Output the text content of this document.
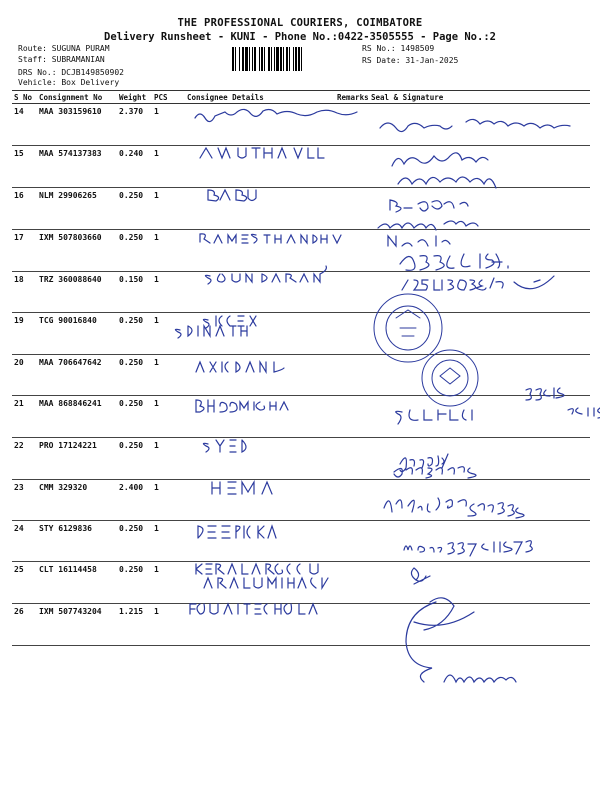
THE PROFESSIONAL COURIERS, COIMBATORE
Delivery Runsheet - KUNI - Phone No.:0422-3505555 - Page No.:2
Route: SUGUNA PURAM
Staff: SUBRAMANIAN
DRS No.: DCJB149850902
Vehicle: Box Delivery
RS No.: 1498509
RS Date: 31-Jan-2025
S No	Consignment No	Weight	PCS	Consignee Details	Remarks	Seal & Signature
14	MAA 303159610	2.370	1			
15	MAA 574137383	0.240	1			
16	NLM 29906265	0.250	1			
17	IXM 507803660	0.250	1			
18	TRZ 360088640	0.150	1			
19	TCG 90016840	0.250	1			
20	MAA 706647642	0.250	1			
21	MAA 868846241	0.250	1			
22	PRO 17124221	0.250	1			
23	CMM 329320	2.400	1			
24	STY 6129836	0.250	1			
25	CLT 16114458	0.250	1			
26	IXM 507743204	1.215	1			
